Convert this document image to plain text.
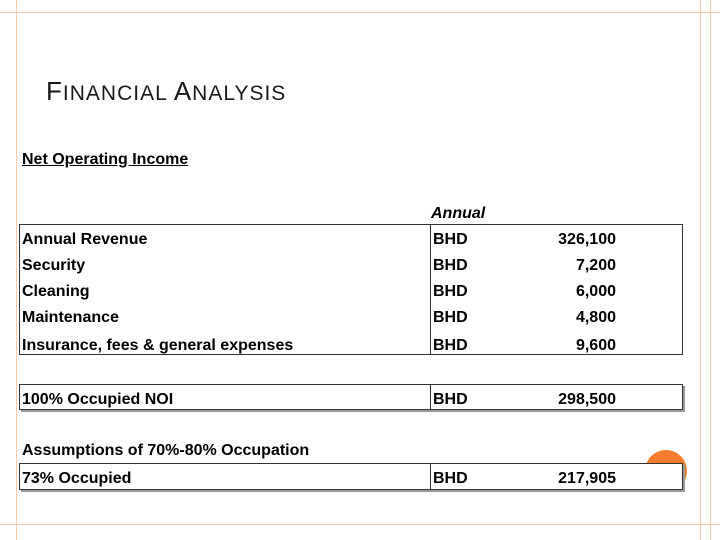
FINANCIAL ANALYSIS
Net Operating Income
Annual
Annual Revenue	BHD	326,100
Security	BHD	7,200
Cleaning	BHD	6,000
Maintenance	BHD	4,800
Insurance, fees & general expenses	BHD	9,600
100% Occupied NOI	BHD	298,500
Assumptions of 70%-80% Occupation
73% Occupied	BHD	217,905
